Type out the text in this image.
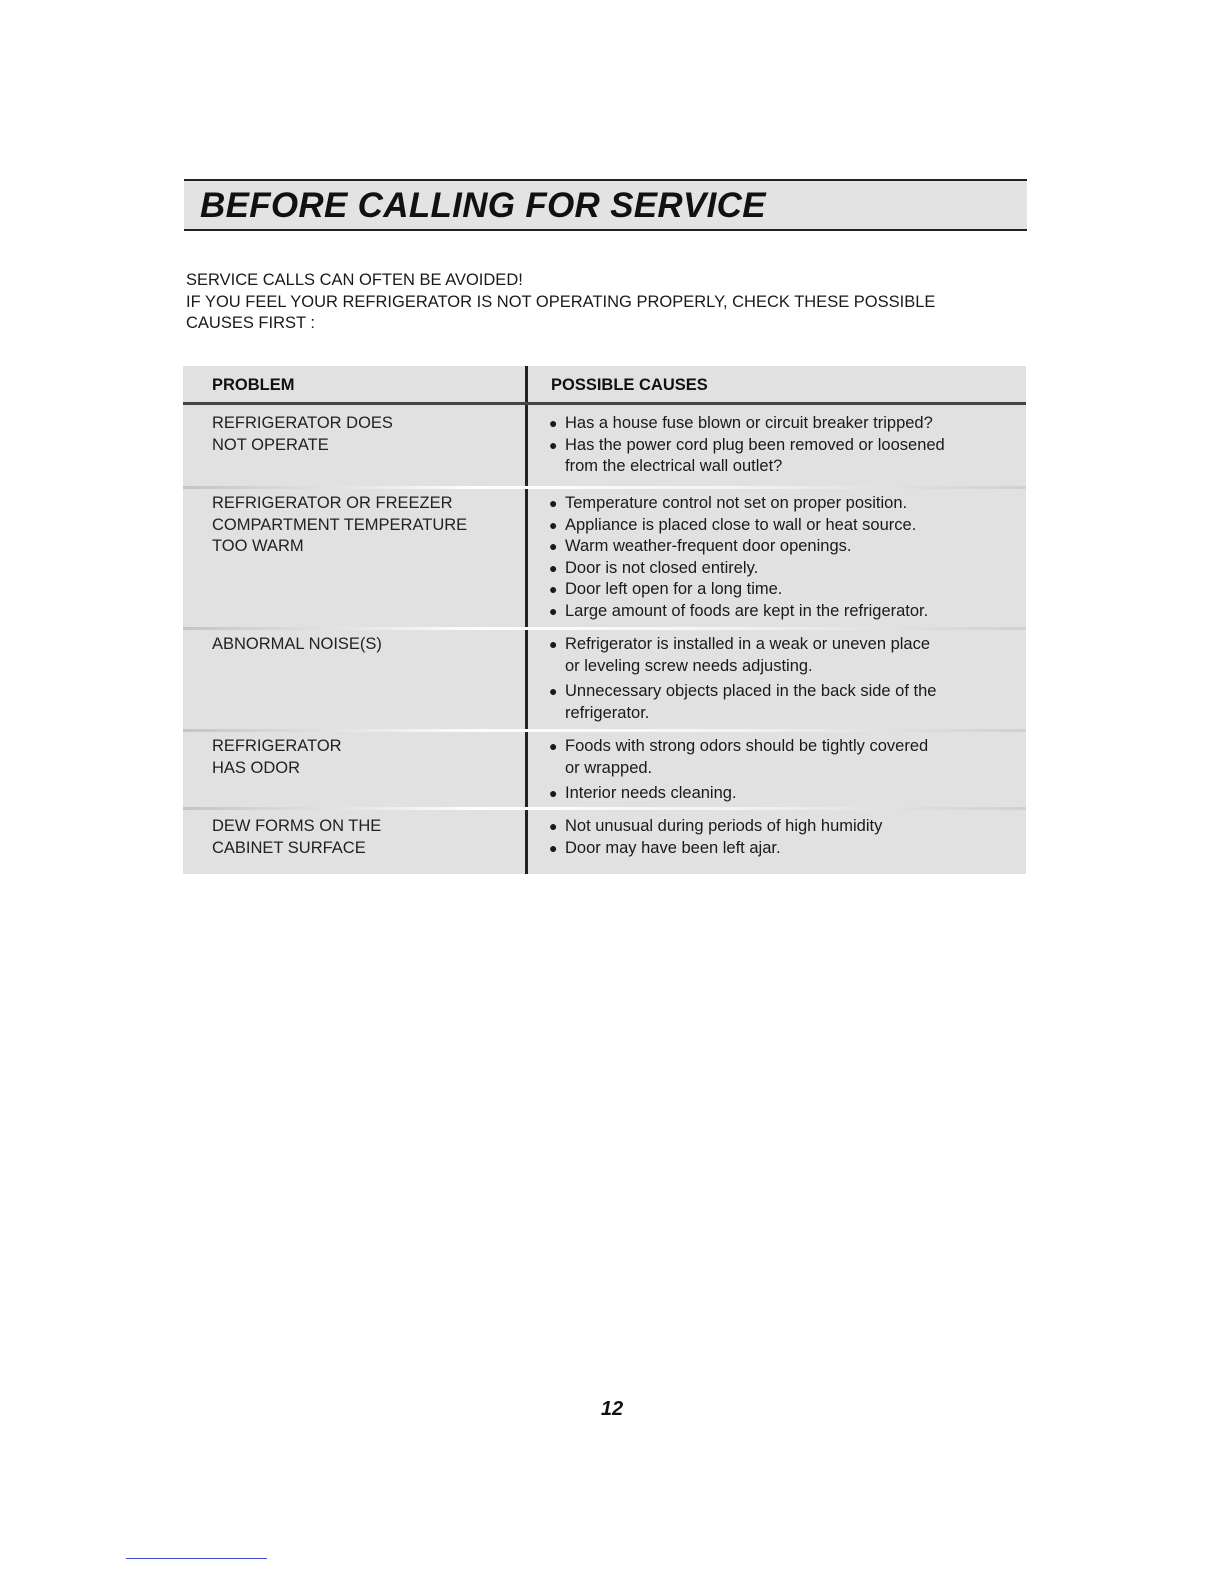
BEFORE CALLING FOR SERVICE
SERVICE CALLS CAN OFTEN BE AVOIDED!
IF YOU FEEL YOUR REFRIGERATOR IS NOT OPERATING PROPERLY, CHECK THESE POSSIBLE
CAUSES FIRST :
PROBLEM	POSSIBLE CAUSES
REFRIGERATOR DOES
NOT OPERATE
● Has a house fuse blown or circuit breaker tripped?
● Has the power cord plug been removed or loosened
from the electrical wall outlet?
REFRIGERATOR OR FREEZER
COMPARTMENT TEMPERATURE
TOO WARM
● Temperature control not set on proper position.
● Appliance is placed close to wall or heat source.
● Warm weather-frequent door openings.
● Door is not closed entirely.
● Door left open for a long time.
● Large amount of foods are kept in the refrigerator.
ABNORMAL NOISE(S)	● Refrigerator is installed in a weak or uneven place
or leveling screw needs adjusting.
● Unnecessary objects placed in the back side of the
refrigerator.
REFRIGERATOR
HAS ODOR
● Foods with strong odors should be tightly covered
or wrapped.
● Interior needs cleaning.
DEW FORMS ON THE
CABINET SURFACE
● Not unusual during periods of high humidity
● Door may have been left ajar.
12
